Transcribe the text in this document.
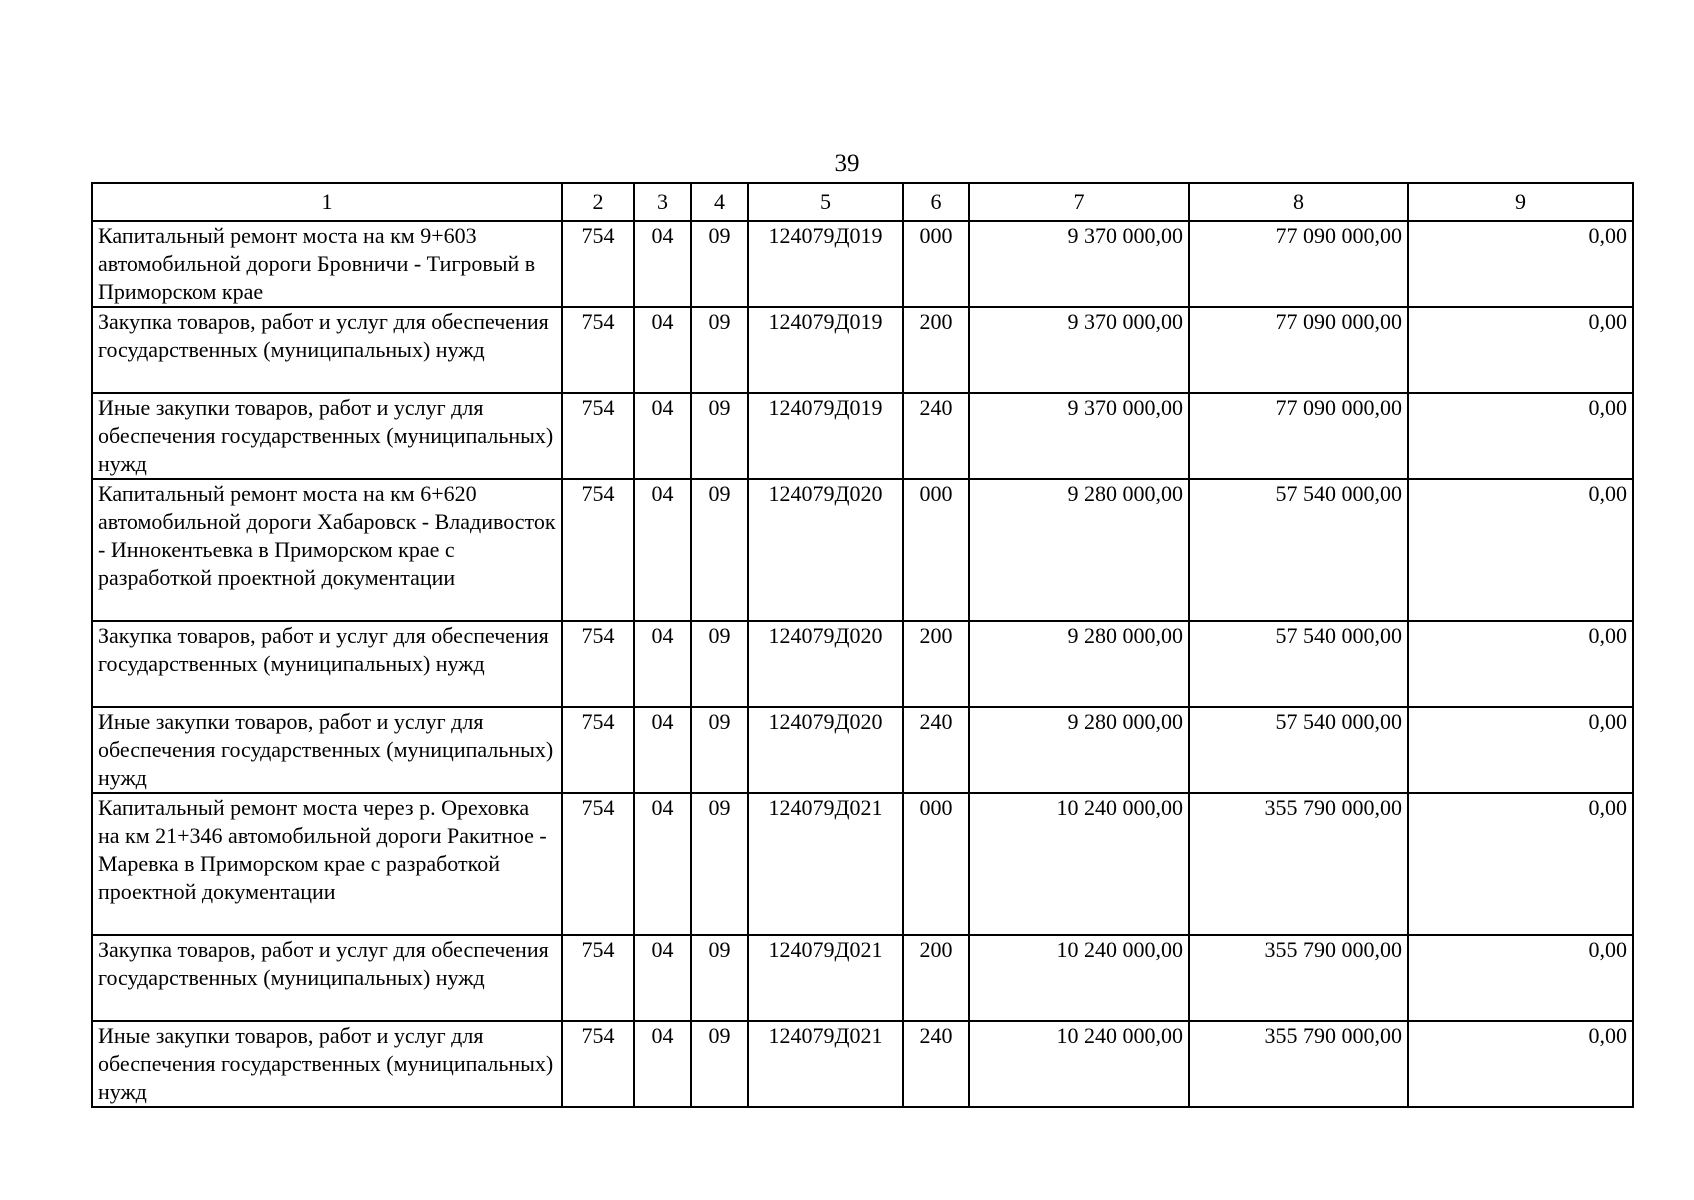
39
1	2	3	4	5	6	7	8	9
Капитальный ремонт моста на км 9+603 автомобильной дороги Бровничи - Тигровый в Приморском крае	754	04	09	124079Д019	000	9 370 000,00	77 090 000,00	0,00
Закупка товаров, работ и услуг для обеспечения государственных (муниципальных) нужд	754	04	09	124079Д019	200	9 370 000,00	77 090 000,00	0,00
Иные закупки товаров, работ и услуг для обеспечения государственных (муниципальных) нужд	754	04	09	124079Д019	240	9 370 000,00	77 090 000,00	0,00
Капитальный ремонт моста на км 6+620 автомобильной дороги Хабаровск - Владивосток - Иннокентьевка в Приморском крае с разработкой проектной документации	754	04	09	124079Д020	000	9 280 000,00	57 540 000,00	0,00
Закупка товаров, работ и услуг для обеспечения государственных (муниципальных) нужд	754	04	09	124079Д020	200	9 280 000,00	57 540 000,00	0,00
Иные закупки товаров, работ и услуг для обеспечения государственных (муниципальных) нужд	754	04	09	124079Д020	240	9 280 000,00	57 540 000,00	0,00
Капитальный ремонт моста через р. Ореховка на км 21+346 автомобильной дороги Ракитное - Маревка в Приморском крае с разработкой проектной документации	754	04	09	124079Д021	000	10 240 000,00	355 790 000,00	0,00
Закупка товаров, работ и услуг для обеспечения государственных (муниципальных) нужд	754	04	09	124079Д021	200	10 240 000,00	355 790 000,00	0,00
Иные закупки товаров, работ и услуг для обеспечения государственных (муниципальных) нужд	754	04	09	124079Д021	240	10 240 000,00	355 790 000,00	0,00
